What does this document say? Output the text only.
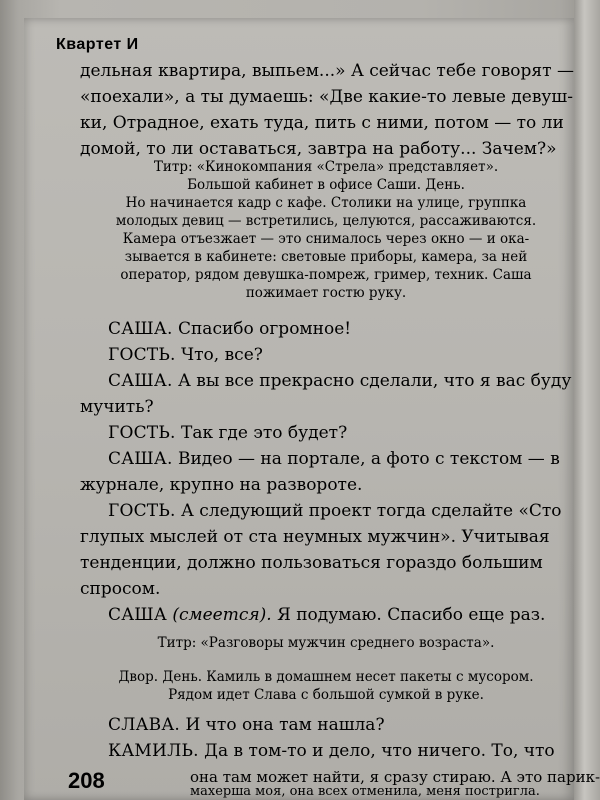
Квартет И
дельная квартира, выпьем...» А сейчас тебе говорят —
«поехали», а ты думаешь: «Две какие-то левые девуш-
ки, Отрадное, ехать туда, пить с ними, потом — то ли
домой, то ли оставаться, завтра на работу... Зачем?»
Титр: «Кинокомпания «Стрела» представляет».
Большой кабинет в офисе Саши. День.
Но начинается кадр с кафе. Столики на улице, группка
молодых девиц — встретились, целуются, рассаживаются.
Камера отъезжает — это снималось через окно — и ока-
зывается в кабинете: световые приборы, камера, за ней
оператор, рядом девушка-помреж, гример, техник. Саша
пожимает гостю руку.
САША. Спасибо огромное!
ГОСТЬ. Что, все?
САША. А вы все прекрасно сделали, что я вас буду
мучить?
ГОСТЬ. Так где это будет?
САША. Видео — на портале, а фото с текстом — в
журнале, крупно на развороте.
ГОСТЬ. А следующий проект тогда сделайте «Сто
глупых мыслей от ста неумных мужчин». Учитывая
тенденции, должно пользоваться гораздо большим
спросом.
САША (смеется). Я подумаю. Спасибо еще раз.
Титр: «Разговоры мужчин среднего возраста».
Двор. День. Камиль в домашнем несет пакеты с мусором.
Рядом идет Слава с большой сумкой в руке.
СЛАВА. И что она там нашла?
КАМИЛЬ. Да в том-то и дело, что ничего. То, что
она там может найти, я сразу стираю. А это парик-
махерша моя, она всех отменила, меня постригла.
208
